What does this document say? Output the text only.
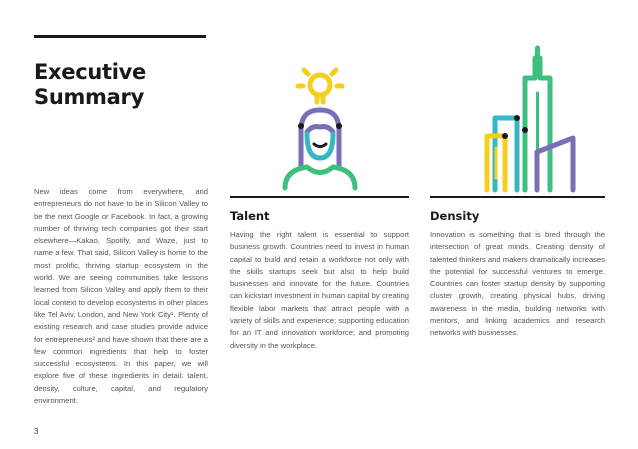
Executive Summary

New ideas come from everywhere, and entrepreneurs do not have to be in Silicon Valley to be the next Google or Facebook. In fact, a growing number of thriving tech companies got their start elsewhere—Kakao, Spotify, and Waze, just to name a few. That said, Silicon Valley is home to the most prolific, thriving startup ecosystem in the world. We are seeing communities take lessons learned from Silicon Valley and apply them to their local context to develop ecosystems in other places like Tel Aviv, London, and New York City¹. Plenty of existing research and case studies provide advice for entrepreneurs² and have shown that there are a few common ingredients that help to foster successful ecosystems. In this paper, we will explore five of these ingredients in detail: talent, density, culture, capital, and regulatory environment.

Talent

Having the right talent is essential to support business growth. Countries need to invest in human capital to build and retain a workforce not only with the skills startups seek but also to help build businesses and innovate for the future. Countries can kickstart investment in human capital by creating flexible labor markets that attract people with a variety of skills and experience; supporting education for an IT and innovation workforce; and promoting diversity in the workplace.

Density

Innovation is something that is bred through the intersection of great minds. Creating density of talented thinkers and makers dramatically increases the potential for successful ventures to emerge. Countries can foster startup density by supporting cluster growth, creating physical hubs, driving awareness in the media, building networks with mentors, and linking academics and research networks with businesses.

3
